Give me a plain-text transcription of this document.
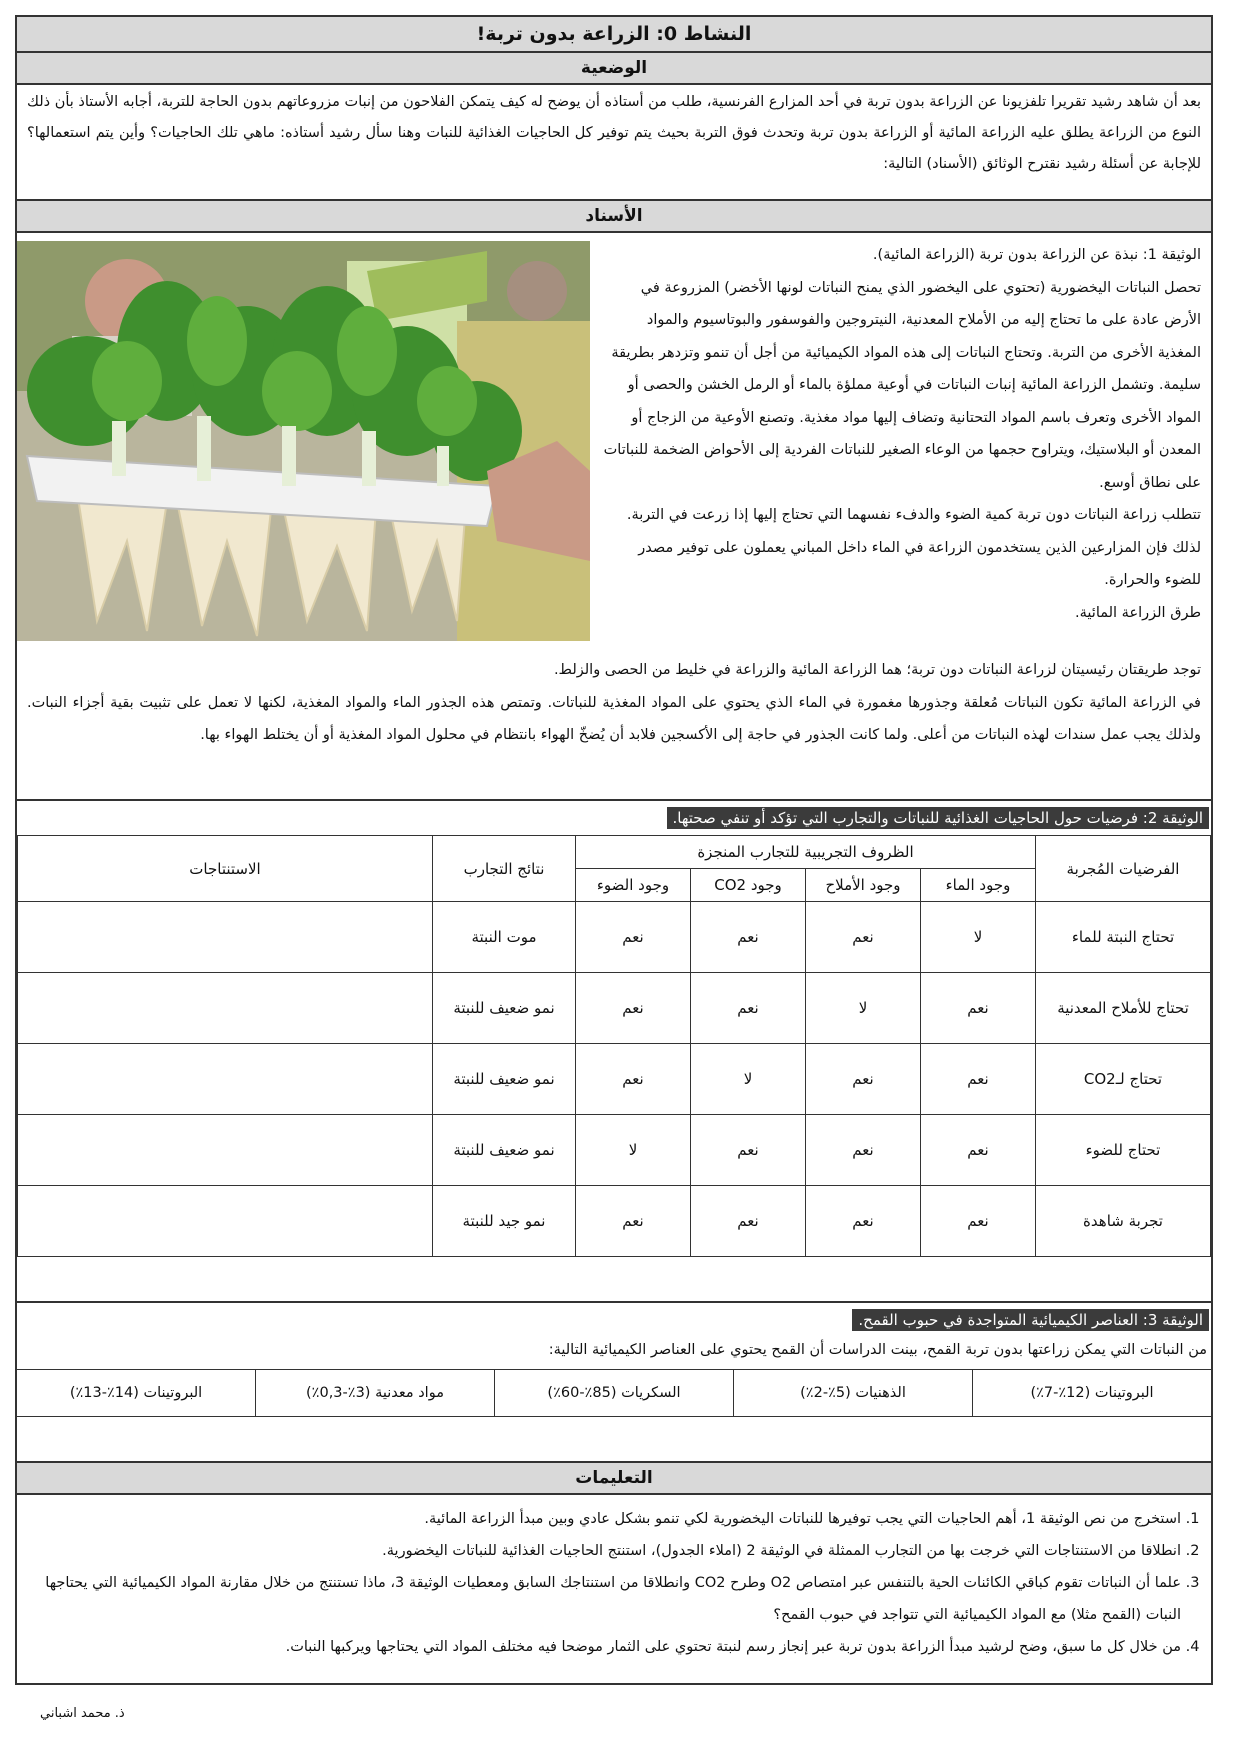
النشاط 0: الزراعة بدون تربة!
الوضعية
بعد أن شاهد رشيد تقريرا تلفزيونا عن الزراعة بدون تربة في أحد المزارع الفرنسية، طلب من أستاذه أن يوضح له كيف يتمكن الفلاحون من إنبات مزروعاتهم بدون الحاجة للتربة، أجابه الأستاذ بأن ذلك النوع من الزراعة يطلق عليه الزراعة المائية أو الزراعة بدون تربة وتحدث فوق التربة بحيث يتم توفير كل الحاجيات الغذائية للنبات وهنا سأل رشيد أستاذه: ماهي تلك الحاجيات؟ وأين يتم استعمالها؟ للإجابة عن أسئلة رشيد نقترح الوثائق (الأسناد) التالية:
الأسناد
الوثيقة 1: نبذة عن الزراعة بدون تربة (الزراعة المائية).
تحصل النباتات اليخضورية (تحتوي على اليخضور الذي يمنح النباتات لونها الأخضر) المزروعة في الأرض عادة على ما تحتاج إليه من الأملاح المعدنية، النيتروجين والفوسفور والبوتاسيوم والمواد المغذية الأخرى من التربة. وتحتاج النباتات إلى هذه المواد الكيميائية من أجل أن تنمو وتزدهر بطريقة سليمة. وتشمل الزراعة المائية إنبات النباتات في أوعية مملؤة بالماء أو الرمل الخشن والحصى أو المواد الأخرى وتعرف باسم المواد التحتانية وتضاف إليها مواد مغذية. وتصنع الأوعية من الزجاج أو المعدن أو البلاستيك، ويتراوح حجمها من الوعاء الصغير للنباتات الفردية إلى الأحواض الضخمة للنباتات على نطاق أوسع.
تتطلب زراعة النباتات دون تربة كمية الضوء والدفء نفسهما التي تحتاج إليها إذا زرعت في التربة. لذلك فإن المزارعين الذين يستخدمون الزراعة في الماء داخل المباني يعملون على توفير مصدر للضوء والحرارة.
طرق الزراعة المائية.
توجد طريقتان رئيسيتان لزراعة النباتات دون تربة؛ هما الزراعة المائية والزراعة في خليط من الحصى والزلط.
في الزراعة المائية تكون النباتات مُعلقة وجذورها مغمورة في الماء الذي يحتوي على المواد المغذية للنباتات. وتمتص هذه الجذور الماء والمواد المغذية، لكنها لا تعمل على تثبيت بقية أجزاء النبات. ولذلك يجب عمل سندات لهذه النباتات من أعلى. ولما كانت الجذور في حاجة إلى الأكسجين فلابد أن يُضخّ الهواء بانتظام في محلول المواد المغذية أو أن يختلط الهواء بها.
الوثيقة 2: فرضيات حول الحاجيات الغذائية للنباتات والتجارب التي تؤكد أو تنفي صحتها.
الفرضيات المُجربة	الظروف التجريبية للتجارب المنجزة				نتائج التجارب	الاستنتاجات
	وجود الماء	وجود الأملاح	وجود CO2	وجود الضوء		
تحتاج النبتة للماء	لا	نعم	نعم	نعم	موت النبتة	
تحتاج للأملاح المعدنية	نعم	لا	نعم	نعم	نمو ضعيف للنبتة	
تحتاج لـCO2	نعم	نعم	لا	نعم	نمو ضعيف للنبتة	
تحتاج للضوء	نعم	نعم	نعم	لا	نمو ضعيف للنبتة	
تجربة شاهدة	نعم	نعم	نعم	نعم	نمو جيد للنبتة	
الوثيقة 3: العناصر الكيميائية المتواجدة في حبوب القمح.
من النباتات التي يمكن زراعتها بدون تربة القمح، بينت الدراسات أن القمح يحتوي على العناصر الكيميائية التالية:
البروتينات (12٪-7٪)
الذهنيات (5٪-2٪)
السكريات (85٪-60٪)
مواد معدنية (3٪-0,3٪)
البروتينات (14٪-13٪)
التعليمات
1. استخرج من نص الوثيقة 1، أهم الحاجيات التي يجب توفيرها للنباتات اليخضورية لكي تنمو بشكل عادي وبين مبدأ الزراعة المائية.
2. انطلاقا من الاستنتاجات التي خرجت بها من التجارب الممثلة في الوثيقة 2 (املاء الجدول)، استنتج الحاجيات الغذائية للنباتات اليخضورية.
3. علما أن النباتات تقوم كباقي الكائنات الحية بالتنفس عبر امتصاص O2 وطرح CO2 وانطلاقا من استنتاجك السابق ومعطيات الوثيقة 3، ماذا تستنتج من خلال مقارنة المواد الكيميائية التي يحتاجها النبات (القمح مثلا) مع المواد الكيميائية التي تتواجد في حبوب القمح؟
4. من خلال كل ما سبق، وضح لرشيد مبدأ الزراعة بدون تربة عبر إنجاز رسم لنبتة تحتوي على الثمار موضحا فيه مختلف المواد التي يحتاجها ويركبها النبات.
ذ. محمد اشباني
